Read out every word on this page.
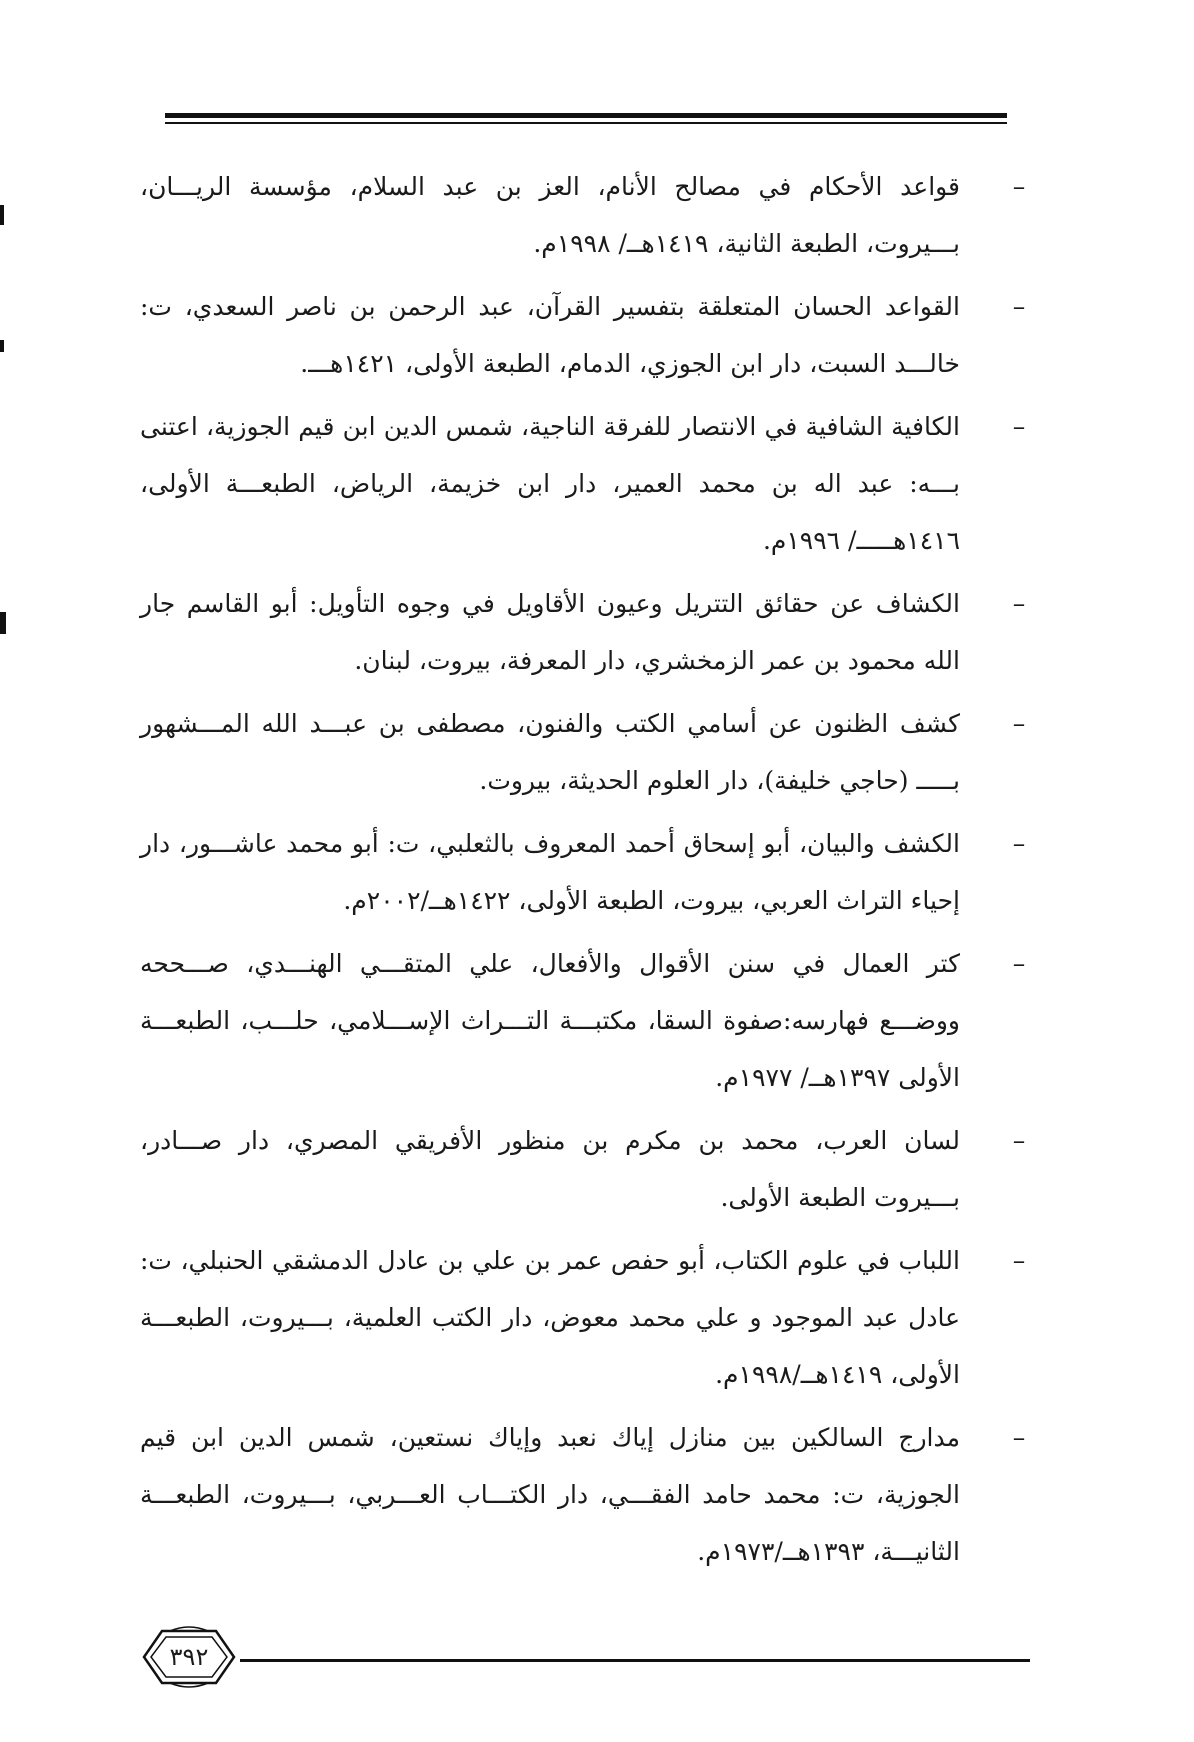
–

قواعد الأحكام في مصالح الأنام، العز بن عبد السلام، مؤسسة الريـــان، بـــيروت، الطبعة الثانية، ١٤١٩هــ/ ١٩٩٨م.

–

القواعد الحسان المتعلقة بتفسير القرآن، عبد الرحمن بن ناصر السعدي، ت: خالـــد السبت، دار ابن الجوزي، الدمام، الطبعة الأولى، ١٤٢١هـــ.

–

الكافية الشافية في الانتصار للفرقة الناجية، شمس الدين ابن قيم الجوزية، اعتنى بـــه: عبد اله بن محمد العمير، دار ابن خزيمة، الرياض، الطبعـــة الأولى، ١٤١٦هـــــ/ ١٩٩٦م.

–

الكشاف عن حقائق التتريل وعيون الأقاويل في وجوه التأويل: أبو القاسم جار الله محمود بن عمر الزمخشري، دار المعرفة، بيروت، لبنان.

–

كشف الظنون عن أسامي الكتب والفنون، مصطفى بن عبـــد الله المـــشهور بـــــ (حاجي خليفة)، دار العلوم الحديثة، بيروت.

–

الكشف والبيان، أبو إسحاق أحمد المعروف بالثعلبي، ت: أبو محمد عاشـــور، دار إحياء التراث العربي، بيروت، الطبعة الأولى، ١٤٢٢هــ/٢٠٠٢م.

–

كتر العمال في سنن الأقوال والأفعال، علي المتقـــي الهنـــدي، صـــححه ووضـــع فهارسه:صفوة السقا، مكتبـــة التـــراث الإســـلامي، حلـــب، الطبعـــة الأولى ١٣٩٧هــ/ ١٩٧٧م.

–

لسان العرب، محمد بن مكرم بن منظور الأفريقي المصري، دار صـــادر، بـــيروت الطبعة الأولى.

–

اللباب في علوم الكتاب، أبو حفص عمر بن علي بن عادل الدمشقي الحنبلي، ت: عادل عبد الموجود و علي محمد معوض، دار الكتب العلمية، بـــيروت، الطبعـــة الأولى، ١٤١٩هــ/١٩٩٨م.

–

مدارج السالكين بين منازل إياك نعبد وإياك نستعين، شمس الدين ابن قيم الجوزية، ت: محمد حامد الفقـــي، دار الكتـــاب العـــربي، بـــيروت، الطبعـــة الثانيـــة، ١٣٩٣هــ/١٩٧٣م.

٣٩٢
